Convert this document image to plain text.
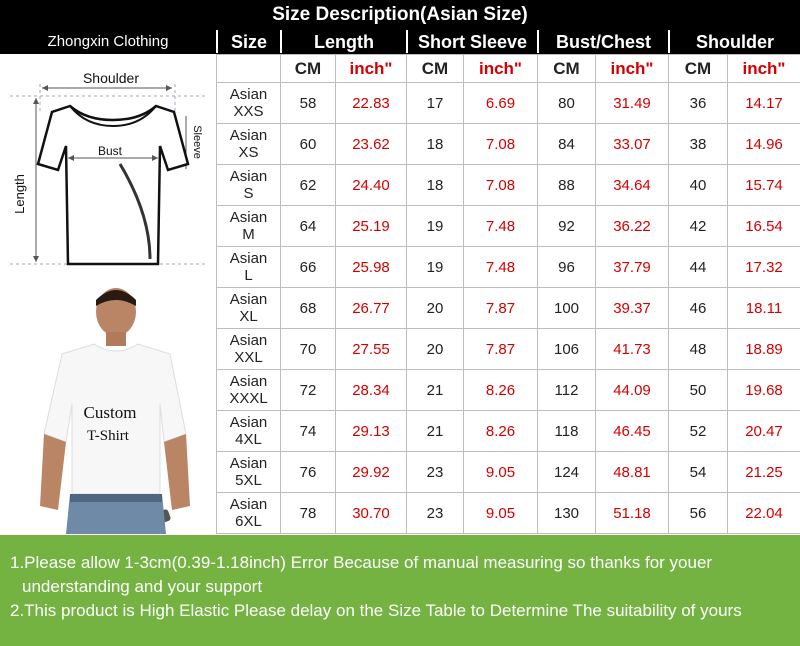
Size Description(Asian Size)
Size	Length	Short Sleeve	Bust/Chest	Shoulder
Zhongxin Clothing
Shoulder
Bust
Length
Sleeve
Custom
T-Shirt
	CM	inch"	CM	inch"	CM	inch"	CM	inch"

Asian
XXS	58	22.83	17	6.69	80	31.49	36	14.17

Asian
XS	60	23.62	18	7.08	84	33.07	38	14.96

Asian
S	62	24.40	18	7.08	88	34.64	40	15.74

Asian
M	64	25.19	19	7.48	92	36.22	42	16.54

Asian
L	66	25.98	19	7.48	96	37.79	44	17.32

Asian
XL	68	26.77	20	7.87	100	39.37	46	18.11

Asian
XXL	70	27.55	20	7.87	106	41.73	48	18.89

Asian
XXXL	72	28.34	21	8.26	112	44.09	50	19.68

Asian
4XL	74	29.13	21	8.26	118	46.45	52	20.47

Asian
5XL	76	29.92	23	9.05	124	48.81	54	21.25

Asian
6XL	78	30.70	23	9.05	130	51.18	56	22.04

1.Please allow 1-3cm(0.39-1.18inch) Error Because of manual measuring so thanks for youer

understanding and your support

2.This product is High Elastic Please delay on the Size Table to Determine The suitability of yours
